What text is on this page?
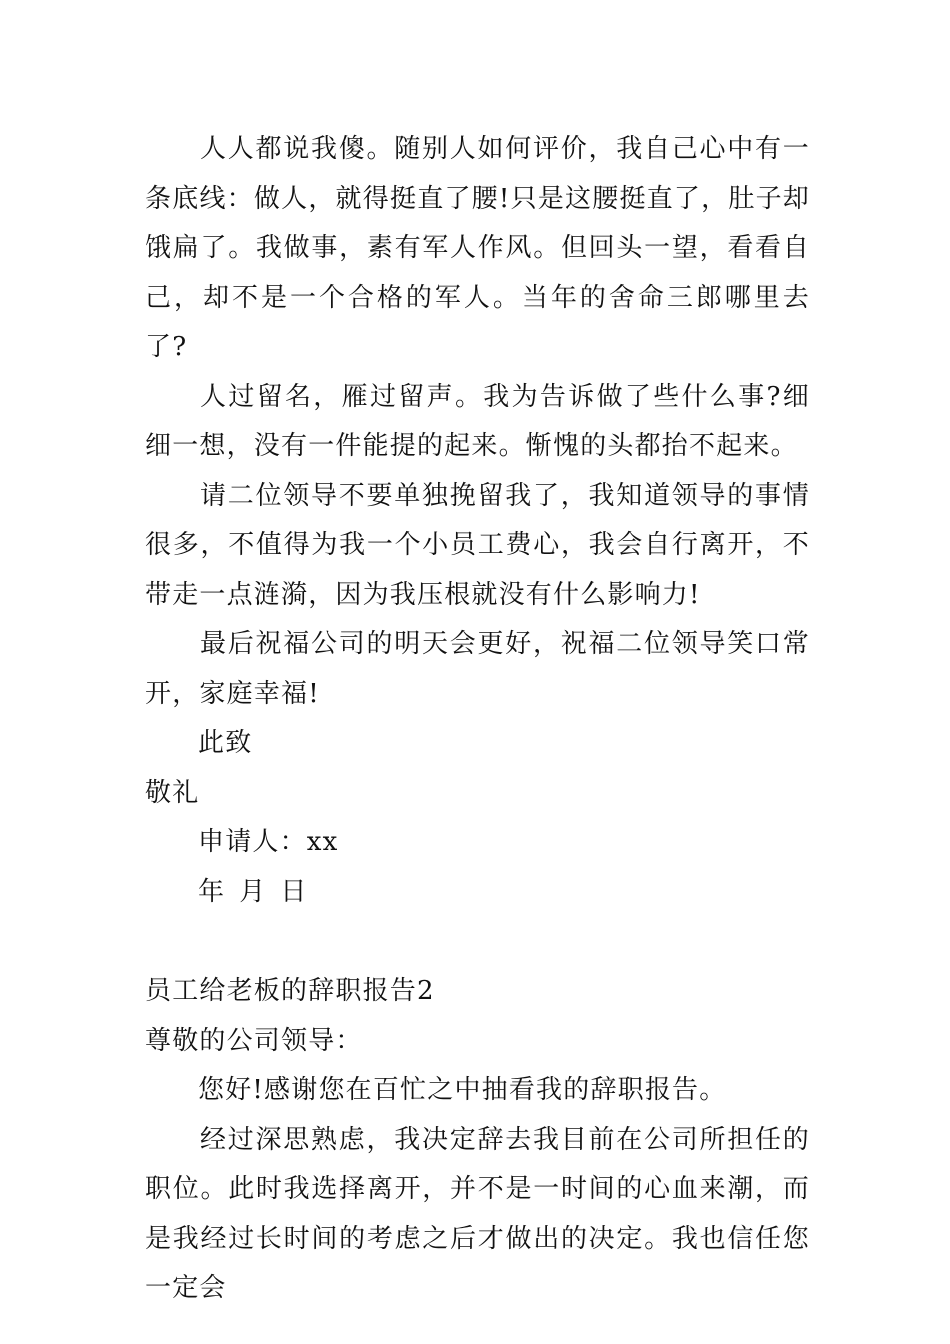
人人都说我傻。随别人如何评价，我自己心中有一条底线：做人，就得挺直了腰!只是这腰挺直了，肚子却饿扁了。我做事，素有军人作风。但回头一望，看看自己，却不是一个合格的军人。当年的舍命三郎哪里去了?

人过留名，雁过留声。我为告诉做了些什么事?细细一想，没有一件能提的起来。惭愧的头都抬不起来。

请二位领导不要单独挽留我了，我知道领导的事情很多，不值得为我一个小员工费心，我会自行离开，不带走一点涟漪，因为我压根就没有什么影响力!

最后祝福公司的明天会更好，祝福二位领导笑口常开，家庭幸福!

此致

敬礼

申请人：xx

年 月 日

员工给老板的辞职报告2

尊敬的公司领导：

您好!感谢您在百忙之中抽看我的辞职报告。

经过深思熟虑，我决定辞去我目前在公司所担任的职位。此时我选择离开，并不是一时间的心血来潮，而是我经过长时间的考虑之后才做出的决定。我也信任您一定会
